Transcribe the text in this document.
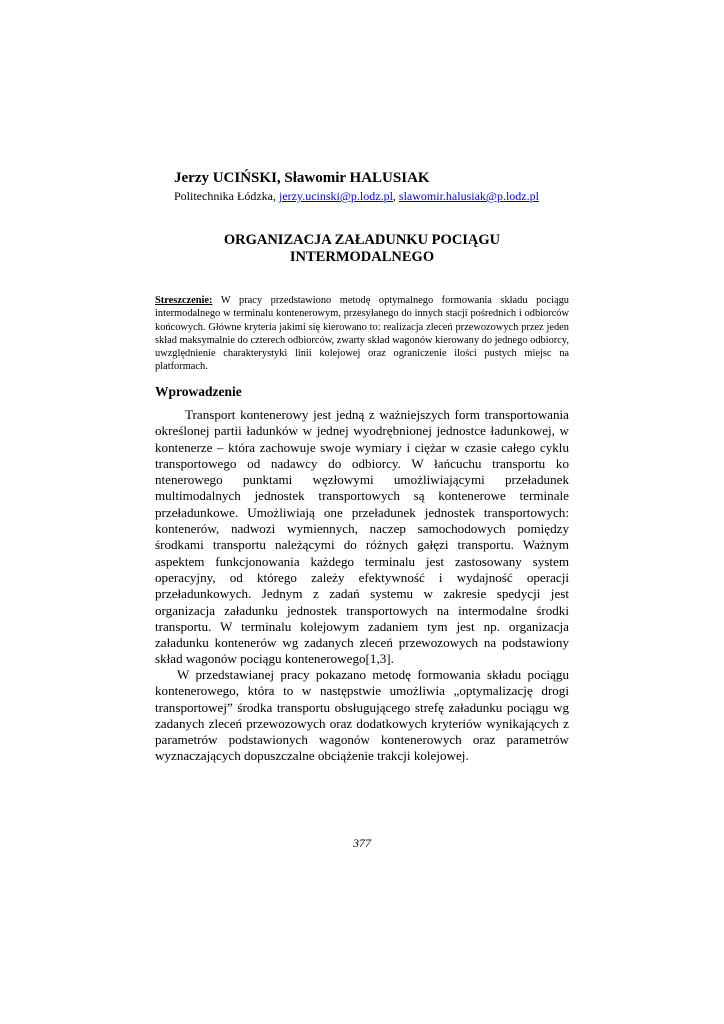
Jerzy UCIŃSKI, Sławomir HALUSIAK
Politechnika Łódzka, jerzy.ucinski@p.lodz.pl, slawomir.halusiak@p.lodz.pl
ORGANIZACJA ZAŁADUNKU POCIĄGU
INTERMODALNEGO
Streszczenie: W pracy przedstawiono metodę optymalnego formowania składu pociągu intermodalnego w terminalu kontenerowym, przesyłanego do innych stacji pośrednich i odbiorców końcowych. Główne kryteria jakimi się kierowano to: realizacja zleceń przewozowych przez jeden skład maksymalnie do czterech odbiorców, zwarty skład wagonów kierowany do jednego odbiorcy, uwzględnienie charakterystyki linii kolejowej oraz ograniczenie ilości pustych miejsc na platformach.
Wprowadzenie

Transport kontenerowy jest jedną z ważniejszych form transportowania określonej partii ładunków w jednej wyodrębnionej jednostce ładunkowej, w kontenerze – która zachowuje swoje wymiary i ciężar w czasie całego cyklu transportowego od nadawcy do odbiorcy. W łańcuchu transportu ko ntenerowego punktami węzłowymi umożliwiającymi przeładunek multimodalnych jednostek transportowych są kontenerowe terminale przeładunkowe. Umożliwiają one przeładunek jednostek transportowych: kontenerów, nadwozi wymiennych, naczep samochodowych pomiędzy środkami transportu należącymi do różnych gałęzi transportu. Ważnym aspektem funkcjonowania każdego terminalu jest zastosowany system operacyjny, od którego zależy efektywność i wydajność operacji przeładunkowych. Jednym z zadań systemu w zakresie spedycji jest organizacja załadunku jednostek transportowych na intermodalne środki transportu. W terminalu kolejowym zadaniem tym jest np. organizacja załadunku kontenerów wg zadanych zleceń przewozowych na podstawiony skład wagonów pociągu kontenerowego[1,3].

W przedstawianej pracy pokazano metodę formowania składu pociągu kontenerowego, która to w następstwie umożliwia „optymalizację drogi transportowej” środka transportu obsługującego strefę załadunku pociągu wg zadanych zleceń przewozowych oraz dodatkowych kryteriów wynikających z parametrów podstawionych wagonów kontenerowych oraz parametrów wyznaczających dopuszczalne obciążenie trakcji kolejowej.

377
